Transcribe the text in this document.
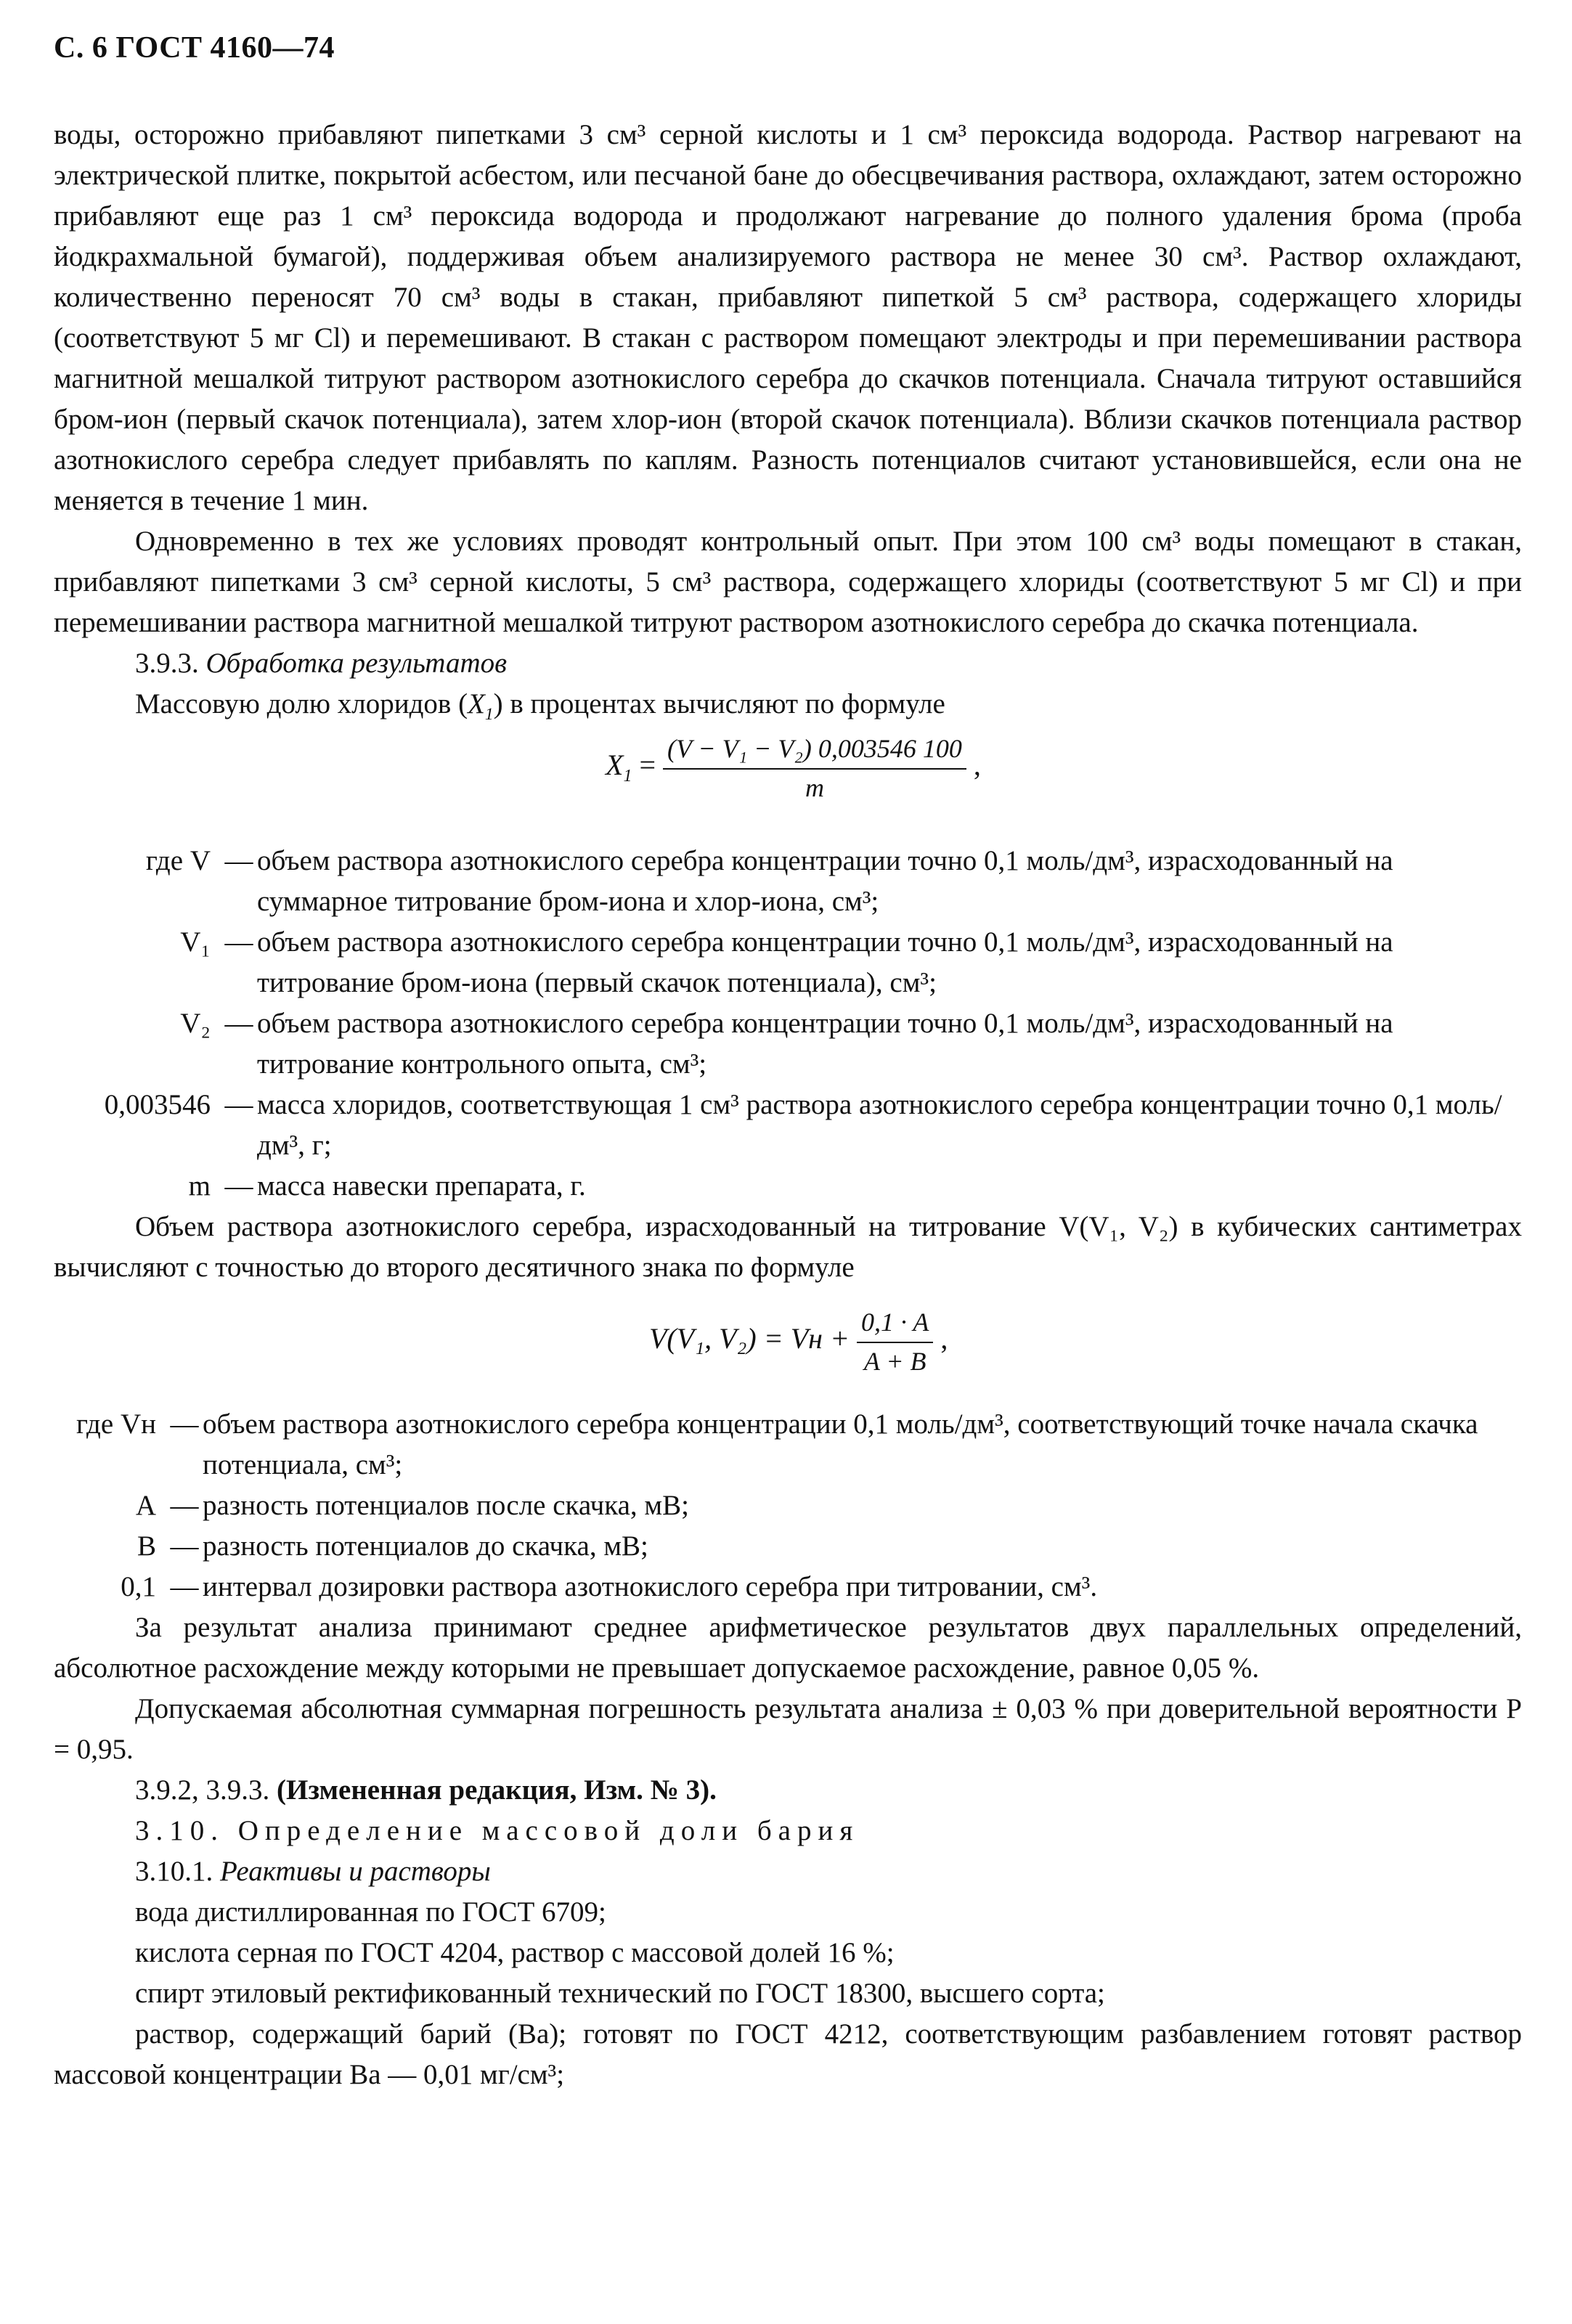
С. 6 ГОСТ 4160—74

воды, осторожно прибавляют пипетками 3 см³ серной кислоты и 1 см³ пероксида водорода. Раствор нагревают на электрической плитке, покрытой асбестом, или песчаной бане до обесцвечивания раствора, охлаждают, затем осторожно прибавляют еще раз 1 см³ пероксида водорода и продолжают нагревание до полного удаления брома (проба йодкрахмальной бумагой), поддерживая объем анализируемого раствора не менее 30 см³. Раствор охлаждают, количественно переносят 70 см³ воды в стакан, прибавляют пипеткой 5 см³ раствора, содержащего хлориды (соответствуют 5 мг Cl) и перемешивают. В стакан с раствором помещают электроды и при перемешивании раствора магнитной мешалкой титруют раствором азотнокислого серебра до скачков потенциала. Сначала титруют оставшийся бром-ион (первый скачок потенциала), затем хлор-ион (второй скачок потенциала). Вблизи скачков потенциала раствор азотнокислого серебра следует прибавлять по каплям. Разность потенциалов считают установившейся, если она не меняется в течение 1 мин.

Одновременно в тех же условиях проводят контрольный опыт. При этом 100 см³ воды помещают в стакан, прибавляют пипетками 3 см³ серной кислоты, 5 см³ раствора, содержащего хлориды (соответствуют 5 мг Cl) и при перемешивании раствора магнитной мешалкой титруют раствором азотнокислого серебра до скачка потенциала.

3.9.3. Обработка результатов

Массовую долю хлоридов $(X_1)$ в процентах вычисляют по формуле

$X_1 = \frac{\text{(V − V₁ − V₂) 0,003546 100}}{m}$ ,
где V — объем раствора азотнокислого серебра концентрации точно 0,1 моль/дм³, израсходованный на суммарное титрование бром-иона и хлор-иона, см³;
V₁ — объем раствора азотнокислого серебра концентрации точно 0,1 моль/дм³, израсходованный на титрование бром-иона (первый скачок потенциала), см³;
V₂ — объем раствора азотнокислого серебра концентрации точно 0,1 моль/дм³, израсходованный на титрование контрольного опыта, см³;
0,003546 — масса хлоридов, соответствующая 1 см³ раствора азотнокислого серебра концентрации точно 0,1 моль/дм³, г;
m — масса навески препарата, г.

Объем раствора азотнокислого серебра, израсходованный на титрование V(V₁, V₂) в кубических сантиметрах вычисляют с точностью до второго десятичного знака по формуле

V(V₁, V₂) = Vн + $\frac{0,1 \cdot A}{A + B}$ ,
где Vн — объем раствора азотнокислого серебра концентрации 0,1 моль/дм³, соответствующий точке начала скачка потенциала, см³;
A — разность потенциалов после скачка, мВ;
B — разность потенциалов до скачка, мВ;
0,1 — интервал дозировки раствора азотнокислого серебра при титровании, см³.

За результат анализа принимают среднее арифметическое результатов двух параллельных определений, абсолютное расхождение между которыми не превышает допускаемое расхождение, равное 0,05 %.

Допускаемая абсолютная суммарная погрешность результата анализа ± 0,03 % при доверительной вероятности P = 0,95.

3.9.2, 3.9.3. (Измененная редакция, Изм. № 3).

3.10. Определение массовой доли бария

3.10.1. Реактивы и растворы

вода дистиллированная по ГОСТ 6709;

кислота серная по ГОСТ 4204, раствор с массовой долей 16 %;

спирт этиловый ректификованный технический по ГОСТ 18300, высшего сорта;

раствор, содержащий барий (Ba); готовят по ГОСТ 4212, соответствующим разбавлением готовят раствор массовой концентрации Ba — 0,01 мг/см³;
